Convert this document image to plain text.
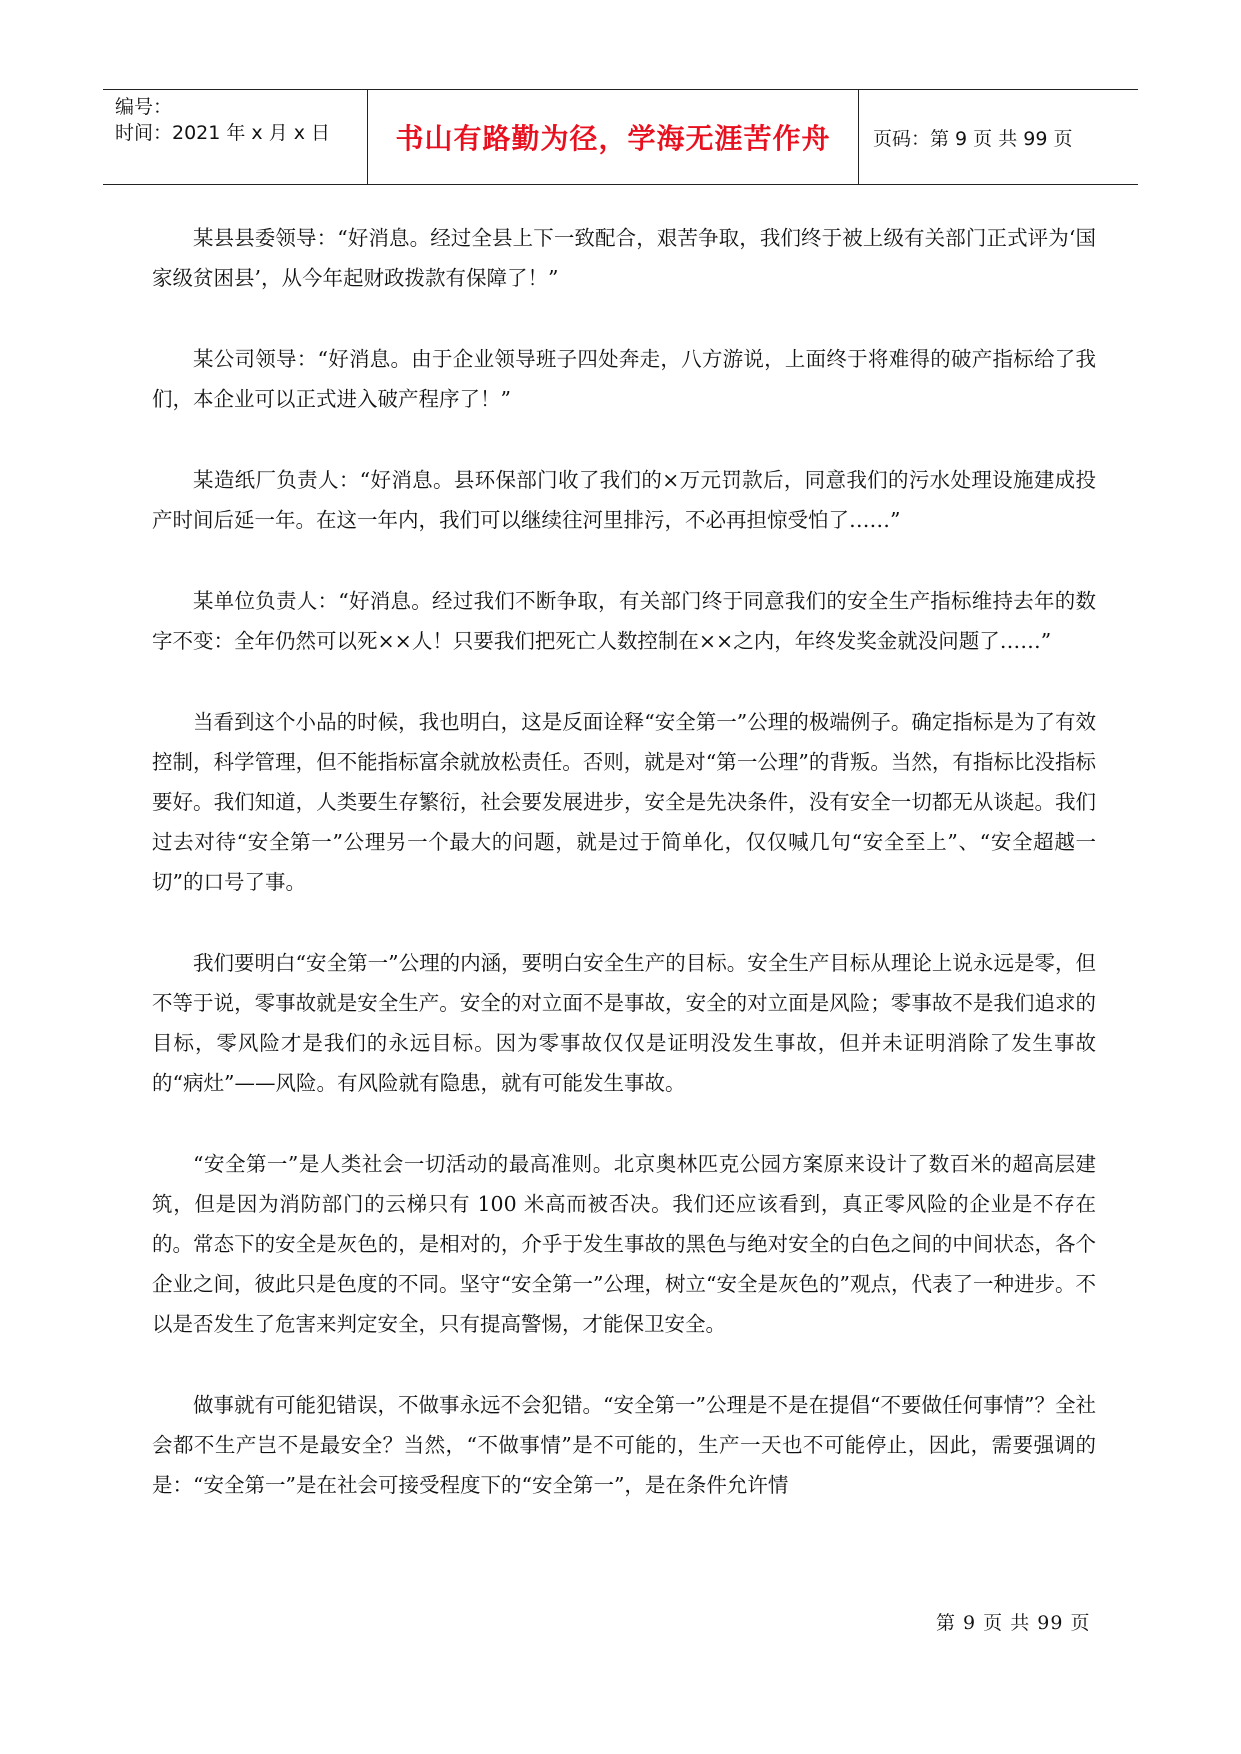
编号：
时间：2021 年 x 月 x 日 书山有路勤为径，学海无涯苦作舟 页码：第 9 页 共 99 页

某县县委领导：“好消息。经过全县上下一致配合，艰苦争取，我们终于被上级有关部门正式评为‘国家级贫困县’，从今年起财政拨款有保障了！”

某公司领导：“好消息。由于企业领导班子四处奔走，八方游说，上面终于将难得的破产指标给了我们，本企业可以正式进入破产程序了！”

某造纸厂负责人：“好消息。县环保部门收了我们的×万元罚款后，同意我们的污水处理设施建成投产时间后延一年。在这一年内，我们可以继续往河里排污，不必再担惊受怕了……”

某单位负责人：“好消息。经过我们不断争取，有关部门终于同意我们的安全生产指标维持去年的数字不变：全年仍然可以死××人！只要我们把死亡人数控制在××之内，年终发奖金就没问题了……”

当看到这个小品的时候，我也明白，这是反面诠释“安全第一”公理的极端例子。确定指标是为了有效控制，科学管理，但不能指标富余就放松责任。否则，就是对“第一公理”的背叛。当然，有指标比没指标要好。我们知道，人类要生存繁衍，社会要发展进步，安全是先决条件，没有安全一切都无从谈起。我们过去对待“安全第一”公理另一个最大的问题，就是过于简单化，仅仅喊几句“安全至上”、“安全超越一切”的口号了事。

我们要明白“安全第一”公理的内涵，要明白安全生产的目标。安全生产目标从理论上说永远是零，但不等于说，零事故就是安全生产。安全的对立面不是事故，安全的对立面是风险；零事故不是我们追求的目标，零风险才是我们的永远目标。因为零事故仅仅是证明没发生事故，但并未证明消除了发生事故的“病灶”——风险。有风险就有隐患，就有可能发生事故。

“安全第一”是人类社会一切活动的最高准则。北京奥林匹克公园方案原来设计了数百米的超高层建筑，但是因为消防部门的云梯只有 100 米高而被否决。我们还应该看到，真正零风险的企业是不存在的。常态下的安全是灰色的，是相对的，介乎于发生事故的黑色与绝对安全的白色之间的中间状态，各个企业之间，彼此只是色度的不同。坚守“安全第一”公理，树立“安全是灰色的”观点，代表了一种进步。不以是否发生了危害来判定安全，只有提高警惕，才能保卫安全。

做事就有可能犯错误，不做事永远不会犯错。“安全第一”公理是不是在提倡“不要做任何事情”？全社会都不生产岂不是最安全？当然，“不做事情”是不可能的，生产一天也不可能停止，因此，需要强调的是：“安全第一”是在社会可接受程度下的“安全第一”，是在条件允许情

第 9 页 共 99 页
